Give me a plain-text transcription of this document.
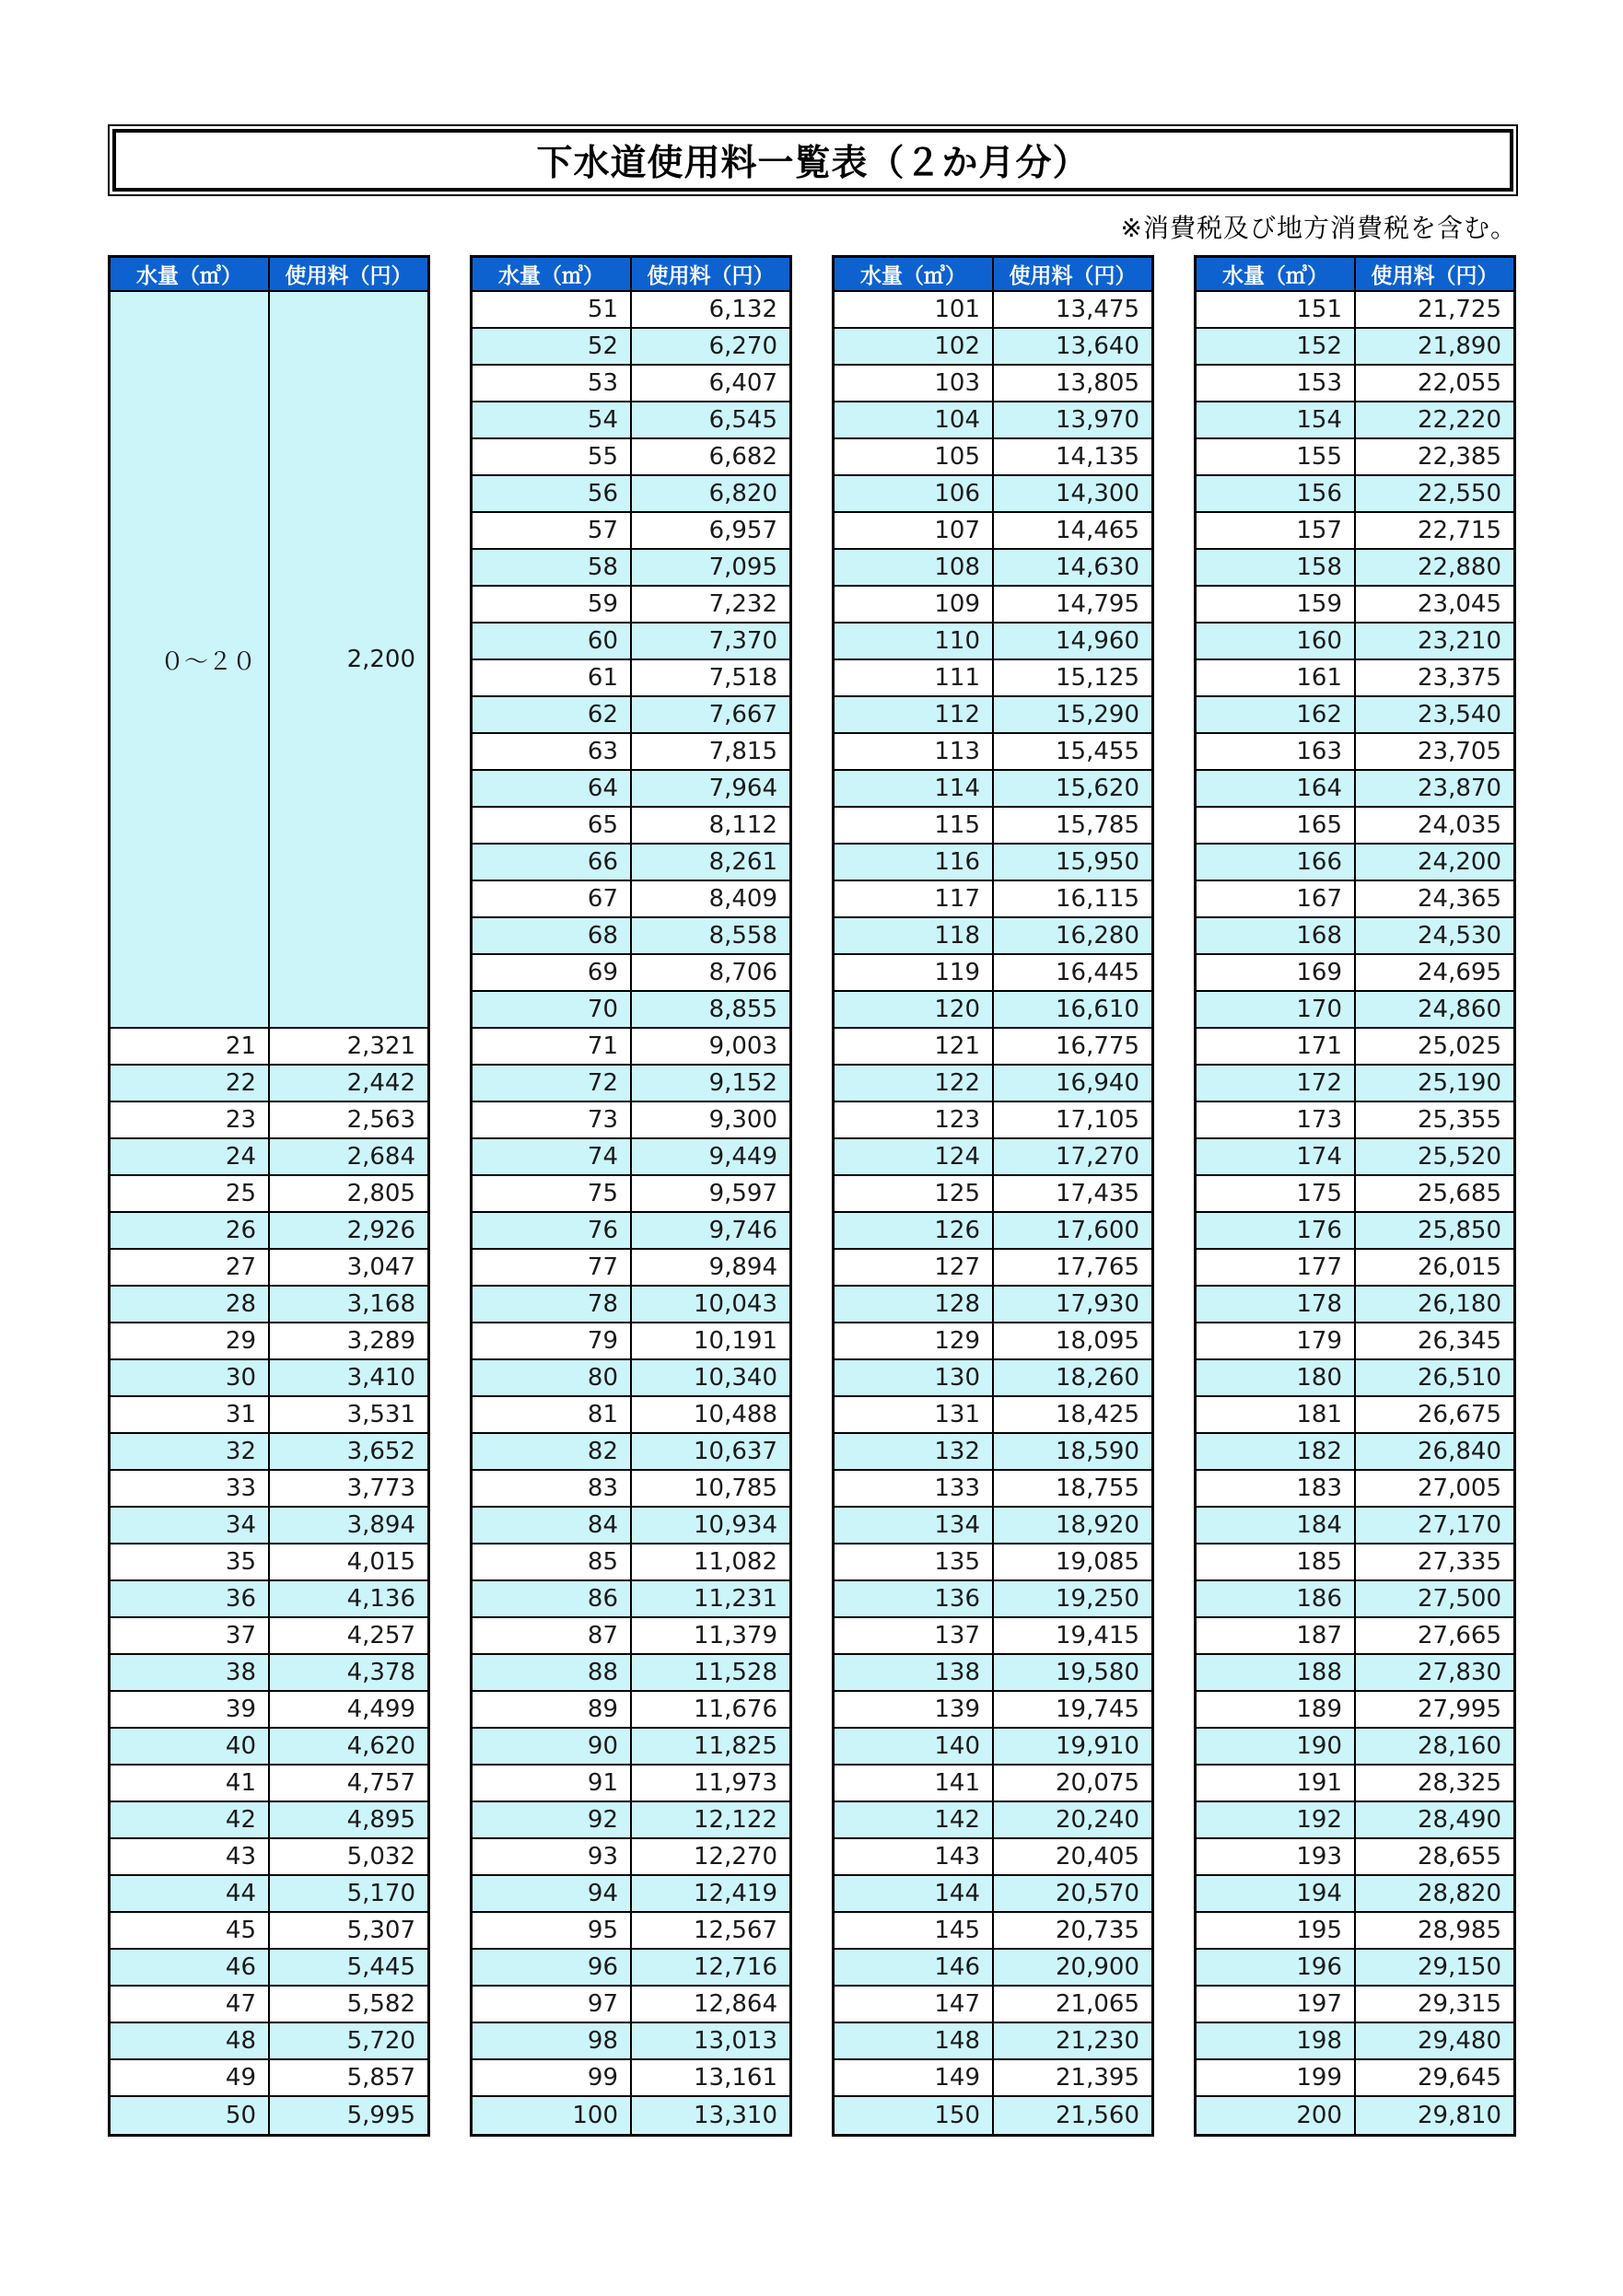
下水道使用料一覧表（２か月分）
※消費税及び地方消費税を含む。
水量（㎥）	使用料（円）
０～２０	2,200
21	2,321
22	2,442
23	2,563
24	2,684
25	2,805
26	2,926
27	3,047
28	3,168
29	3,289
30	3,410
31	3,531
32	3,652
33	3,773
34	3,894
35	4,015
36	4,136
37	4,257
38	4,378
39	4,499
40	4,620
41	4,757
42	4,895
43	5,032
44	5,170
45	5,307
46	5,445
47	5,582
48	5,720
49	5,857
50	5,995
水量（㎥）	使用料（円）
51	6,132
52	6,270
53	6,407
54	6,545
55	6,682
56	6,820
57	6,957
58	7,095
59	7,232
60	7,370
61	7,518
62	7,667
63	7,815
64	7,964
65	8,112
66	8,261
67	8,409
68	8,558
69	8,706
70	8,855
71	9,003
72	9,152
73	9,300
74	9,449
75	9,597
76	9,746
77	9,894
78	10,043
79	10,191
80	10,340
81	10,488
82	10,637
83	10,785
84	10,934
85	11,082
86	11,231
87	11,379
88	11,528
89	11,676
90	11,825
91	11,973
92	12,122
93	12,270
94	12,419
95	12,567
96	12,716
97	12,864
98	13,013
99	13,161
100	13,310
水量（㎥）	使用料（円）
101	13,475
102	13,640
103	13,805
104	13,970
105	14,135
106	14,300
107	14,465
108	14,630
109	14,795
110	14,960
111	15,125
112	15,290
113	15,455
114	15,620
115	15,785
116	15,950
117	16,115
118	16,280
119	16,445
120	16,610
121	16,775
122	16,940
123	17,105
124	17,270
125	17,435
126	17,600
127	17,765
128	17,930
129	18,095
130	18,260
131	18,425
132	18,590
133	18,755
134	18,920
135	19,085
136	19,250
137	19,415
138	19,580
139	19,745
140	19,910
141	20,075
142	20,240
143	20,405
144	20,570
145	20,735
146	20,900
147	21,065
148	21,230
149	21,395
150	21,560
水量（㎥）	使用料（円）
151	21,725
152	21,890
153	22,055
154	22,220
155	22,385
156	22,550
157	22,715
158	22,880
159	23,045
160	23,210
161	23,375
162	23,540
163	23,705
164	23,870
165	24,035
166	24,200
167	24,365
168	24,530
169	24,695
170	24,860
171	25,025
172	25,190
173	25,355
174	25,520
175	25,685
176	25,850
177	26,015
178	26,180
179	26,345
180	26,510
181	26,675
182	26,840
183	27,005
184	27,170
185	27,335
186	27,500
187	27,665
188	27,830
189	27,995
190	28,160
191	28,325
192	28,490
193	28,655
194	28,820
195	28,985
196	29,150
197	29,315
198	29,480
199	29,645
200	29,810
